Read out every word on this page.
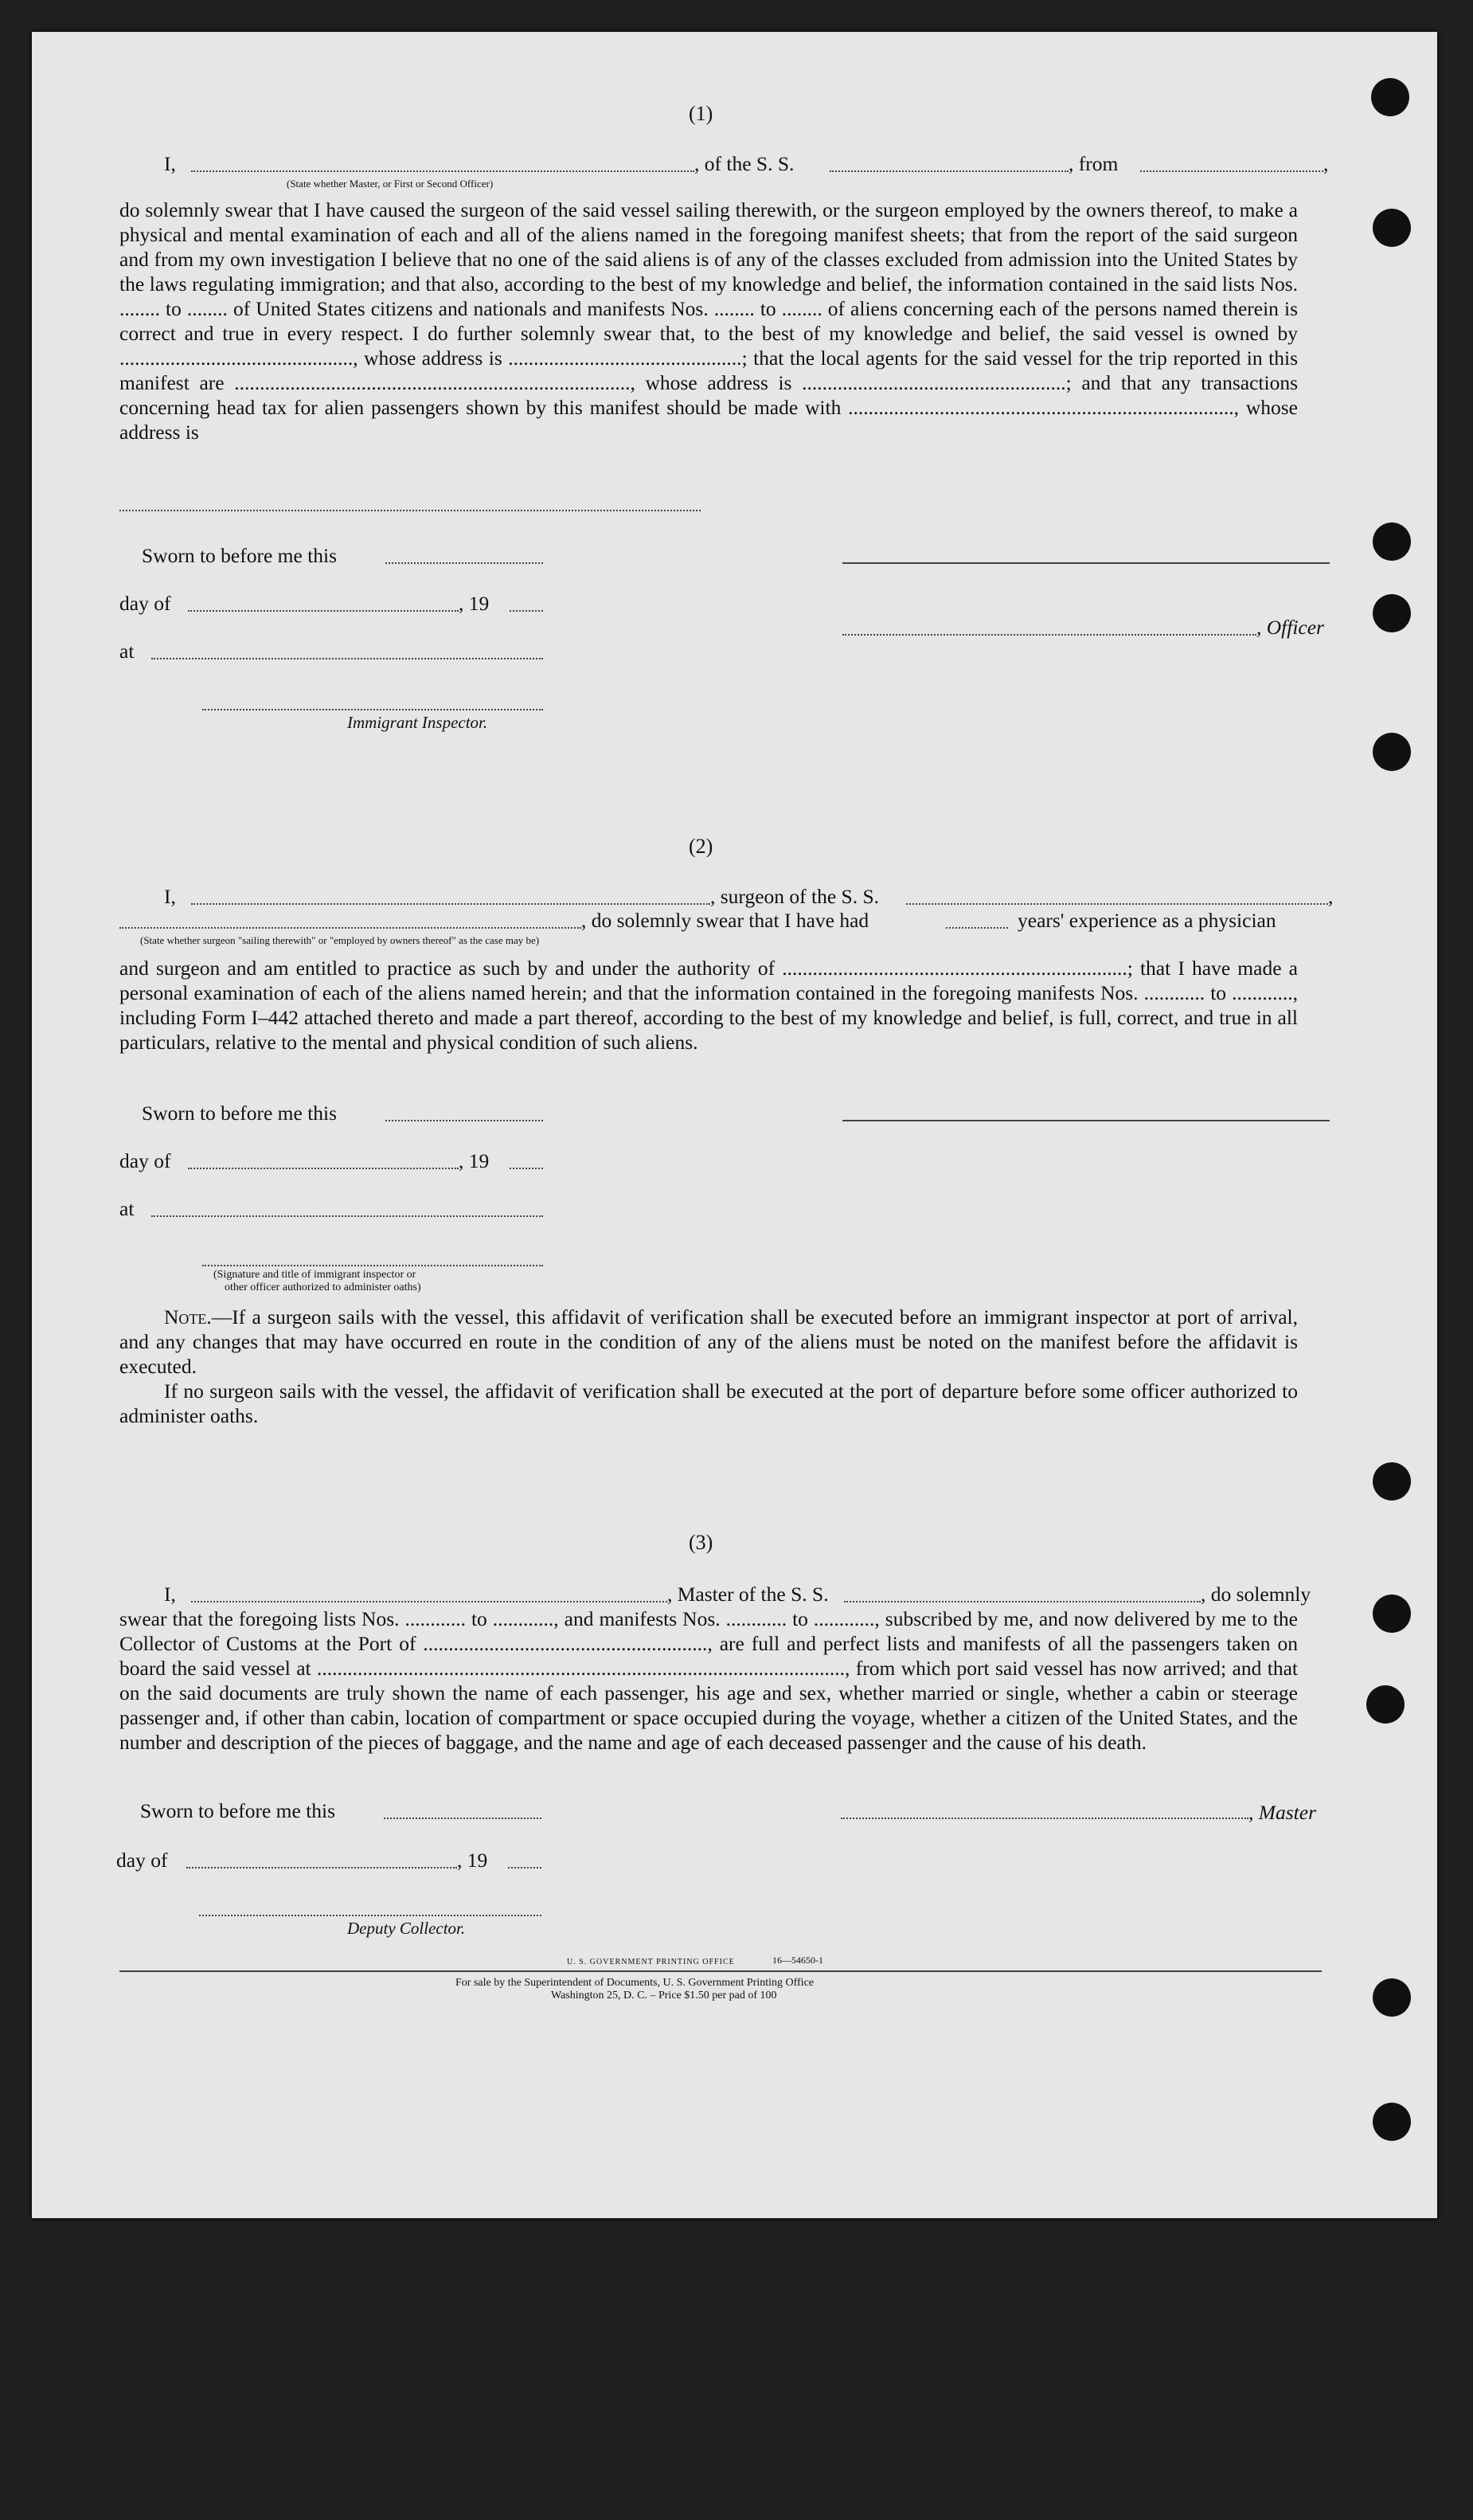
(1)
I,	, of the S. S.	, from	,
(State whether Master, or First or Second Officer)
do solemnly swear that I have caused the surgeon of the said vessel sailing therewith, or the surgeon employed by the owners thereof, to make a physical and mental examination of each and all of the aliens named in the foregoing manifest sheets; that from the report of the said surgeon and from my own investigation I believe that no one of the said aliens is of any of the classes excluded from admission into the United States by the laws regulating immigration; and that also, according to the best of my knowledge and belief, the information contained in the said lists Nos. ........ to ........ of United States citizens and nationals and manifests Nos. ........ to ........ of aliens concerning each of the persons named therein is correct and true in every respect. I do further solemnly swear that, to the best of my knowledge and belief, the said vessel is owned by .............................................., whose address is ..............................................; that the local agents for the said vessel for the trip reported in this manifest are .............................................................................., whose address is ....................................................; and that any transactions concerning head tax for alien passengers shown by this manifest should be made with ............................................................................, whose address is
Sworn to before me this
day of	, 19
, Officer
at
Immigrant Inspector.
(2)
I,	, surgeon of the S. S.	,
, do solemnly swear that I have had	years' experience as a physician
(State whether surgeon "sailing therewith" or "employed by owners thereof" as the case may be)
and surgeon and am entitled to practice as such by and under the authority of ....................................................................; that I have made a personal examination of each of the aliens named herein; and that the information contained in the foregoing manifests Nos. ............ to ............, including Form I–442 attached thereto and made a part thereof, according to the best of my knowledge and belief, is full, correct, and true in all particulars, relative to the mental and physical condition of such aliens.
Sworn to before me this
day of	, 19
at
(Signature and title of immigrant inspector or
other officer authorized to administer oaths)
Note.—If a surgeon sails with the vessel, this affidavit of verification shall be executed before an immigrant inspector at port of arrival, and any changes that may have occurred en route in the condition of any of the aliens must be noted on the manifest before the affidavit is executed.
If no surgeon sails with the vessel, the affidavit of verification shall be executed at the port of departure before some officer authorized to administer oaths.
(3)
I,	, Master of the S. S.	, do solemnly
swear that the foregoing lists Nos. ............ to ............, and manifests Nos. ............ to ............, subscribed by me, and now delivered by me to the Collector of Customs at the Port of ........................................................, are full and perfect lists and manifests of all the passengers taken on board the said vessel at ........................................................................................................, from which port said vessel has now arrived; and that on the said documents are truly shown the name of each passenger, his age and sex, whether married or single, whether a cabin or steerage passenger and, if other than cabin, location of compartment or space occupied during the voyage, whether a citizen of the United States, and the number and description of the pieces of baggage, and the name and age of each deceased passenger and the cause of his death.
Sworn to before me this	, Master
day of	, 19
Deputy Collector.
U. S. GOVERNMENT PRINTING OFFICE	16—54650-1
For sale by the Superintendent of Documents, U. S. Government Printing Office
Washington 25, D. C. – Price $1.50 per pad of 100
